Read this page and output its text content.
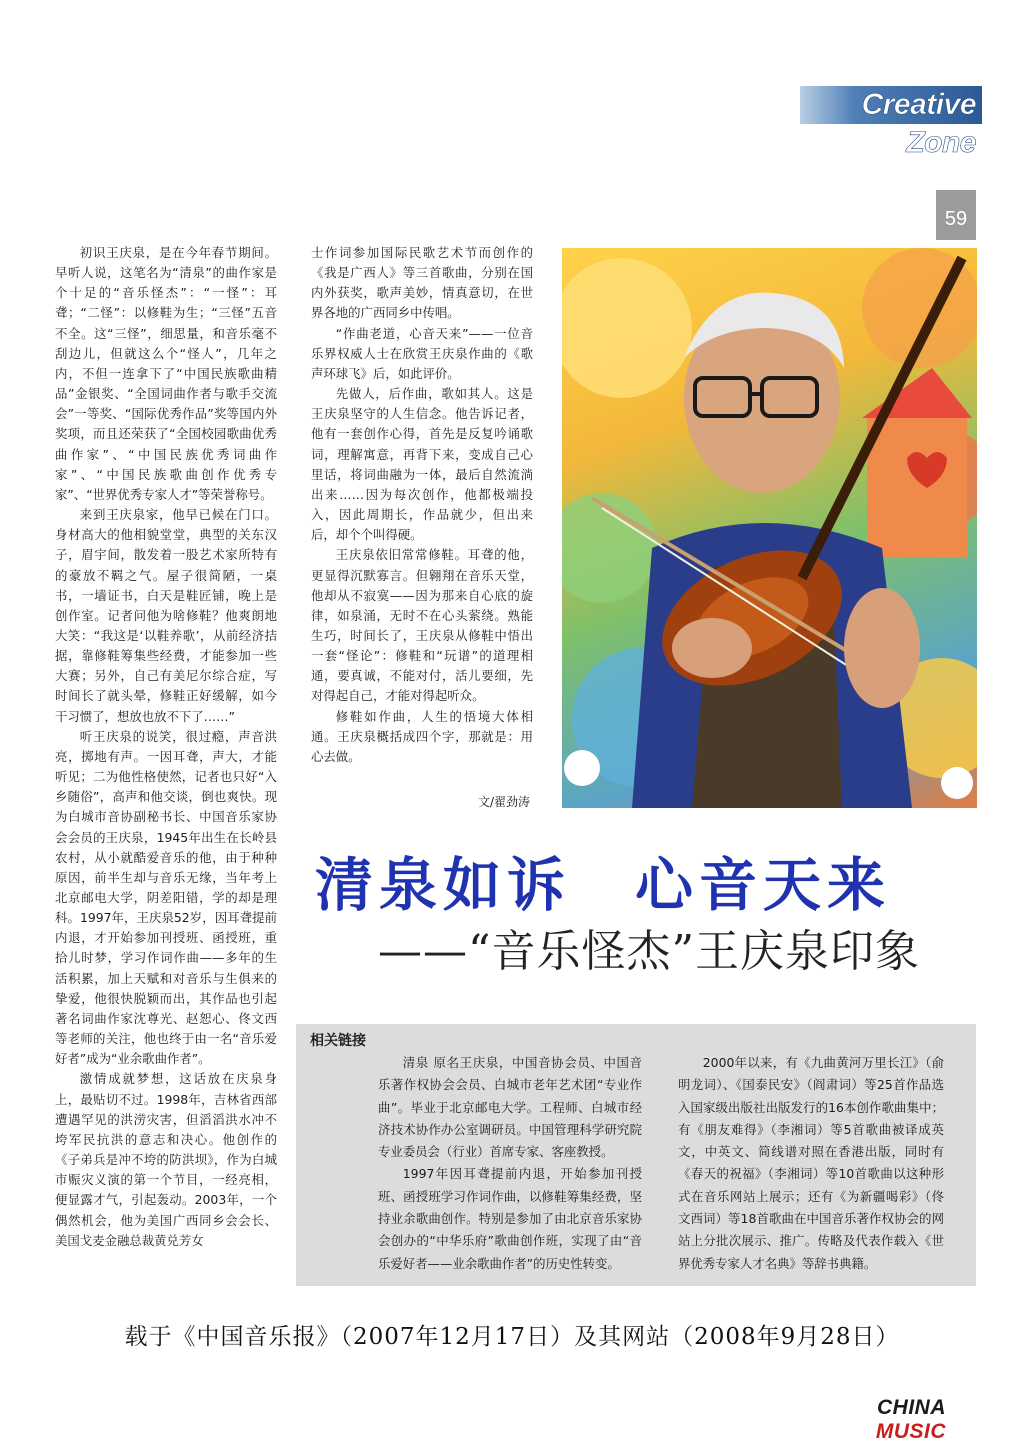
Creative Zone
59

初识王庆泉，是在今年春节期间。早听人说，这笔名为“清泉”的曲作家是个十足的“音乐怪杰”：“一怪”：耳聋；“二怪”：以修鞋为生；“三怪”五音不全。这“三怪”，细思量，和音乐毫不刮边儿，但就这么个“怪人”，几年之内，不但一连拿下了“中国民族歌曲精品”金银奖、“全国词曲作者与歌手交流会”一等奖、“国际优秀作品”奖等国内外奖项，而且还荣获了“全国校园歌曲优秀曲作家”、“中国民族优秀词曲作家”、“中国民族歌曲创作优秀专家”、“世界优秀专家人才”等荣誉称号。

来到王庆泉家，他早已候在门口。身材高大的他相貌堂堂，典型的关东汉子，眉宇间，散发着一股艺术家所特有的豪放不羁之气。屋子很简陋，一桌书，一墙证书，白天是鞋匠铺，晚上是创作室。记者问他为啥修鞋？他爽朗地大笑：“我这是‘以鞋养歌’，从前经济拮据，靠修鞋筹集些经费，才能参加一些大赛；另外，自己有美尼尔综合症，写时间长了就头晕，修鞋正好缓解，如今干习惯了，想放也放不下了……”

听王庆泉的说笑，很过瘾，声音洪亮，掷地有声。一因耳聋，声大，才能听见；二为他性格使然，记者也只好“入乡随俗”，高声和他交谈，倒也爽快。现为白城市音协副秘书长、中国音乐家协会会员的王庆泉，1945年出生在长岭县农村，从小就酷爱音乐的他，由于种种原因，前半生却与音乐无缘，当年考上北京邮电大学，阴差阳错，学的却是理科。1997年，王庆泉52岁，因耳聋提前内退，才开始参加刊授班、函授班，重拾儿时梦，学习作词作曲——多年的生活积累，加上天赋和对音乐与生俱来的挚爱，他很快脱颖而出，其作品也引起著名词曲作家沈尊光、赵恕心、佟文西等老师的关注，他也终于由一名“音乐爱好者”成为“业余歌曲作者”。

激情成就梦想，这话放在庆泉身上，最贴切不过。1998年，吉林省西部遭遇罕见的洪涝灾害，但滔滔洪水冲不垮军民抗洪的意志和决心。他创作的《子弟兵是冲不垮的防洪坝》，作为白城市赈灾义演的第一个节目，一经亮相，便显露才气，引起轰动。2003年，一个偶然机会，他为美国广西同乡会会长、美国戈麦金融总裁黄兑芳女

士作词参加国际民歌艺术节而创作的《我是广西人》等三首歌曲，分别在国内外获奖，歌声美妙，情真意切，在世界各地的广西同乡中传唱。

“作曲老道，心音天来”——一位音乐界权威人士在欣赏王庆泉作曲的《歌声环球飞》后，如此评价。

先做人，后作曲，歌如其人。这是王庆泉坚守的人生信念。他告诉记者，他有一套创作心得，首先是反复吟诵歌词，理解寓意，再背下来，变成自己心里话，将词曲融为一体，最后自然流淌出来……因为每次创作，他都极端投入，因此周期长，作品就少，但出来后，却个个叫得硬。

王庆泉依旧常常修鞋。耳聋的他，更显得沉默寡言。但翱翔在音乐天堂，他却从不寂寞——因为那来自心底的旋律，如泉涌，无时不在心头萦绕。熟能生巧，时间长了，王庆泉从修鞋中悟出一套“怪论”：修鞋和“玩谱”的道理相通，要真诚，不能对付，活儿要细，先对得起自己，才能对得起听众。

修鞋如作曲，人生的悟境大体相通。王庆泉概括成四个字，那就是：用心去做。

文/翟劲涛
清泉如诉 心音天来
——“音乐怪杰”王庆泉印象
相关链接

清泉 原名王庆泉，中国音协会员、中国音乐著作权协会会员、白城市老年艺术团“专业作曲”。毕业于北京邮电大学。工程师、白城市经济技术协作办公室调研员。中国管理科学研究院专业委员会（行业）首席专家、客座教授。

1997年因耳聋提前内退，开始参加刊授班、函授班学习作词作曲，以修鞋筹集经费，坚持业余歌曲创作。特别是参加了由北京音乐家协会创办的“中华乐府”歌曲创作班，实现了由“音乐爱好者——业余歌曲作者”的历史性转变。

2000年以来，有《九曲黄河万里长江》（俞明龙词）、《国泰民安》（阎肃词）等25首作品选入国家级出版社出版发行的16本创作歌曲集中；有《朋友难得》（李湘词）等5首歌曲被译成英文，中英文、简线谱对照在香港出版，同时有《春天的祝福》（李湘词）等10首歌曲以这种形式在音乐网站上展示；还有《为新疆喝彩》（佟文西词）等18首歌曲在中国音乐著作权协会的网站上分批次展示、推广。传略及代表作载入《世界优秀专家人才名典》等辞书典籍。

载于《中国音乐报》（2007年12月17日）及其网站（2008年9月28日）
CHINA MUSIC
